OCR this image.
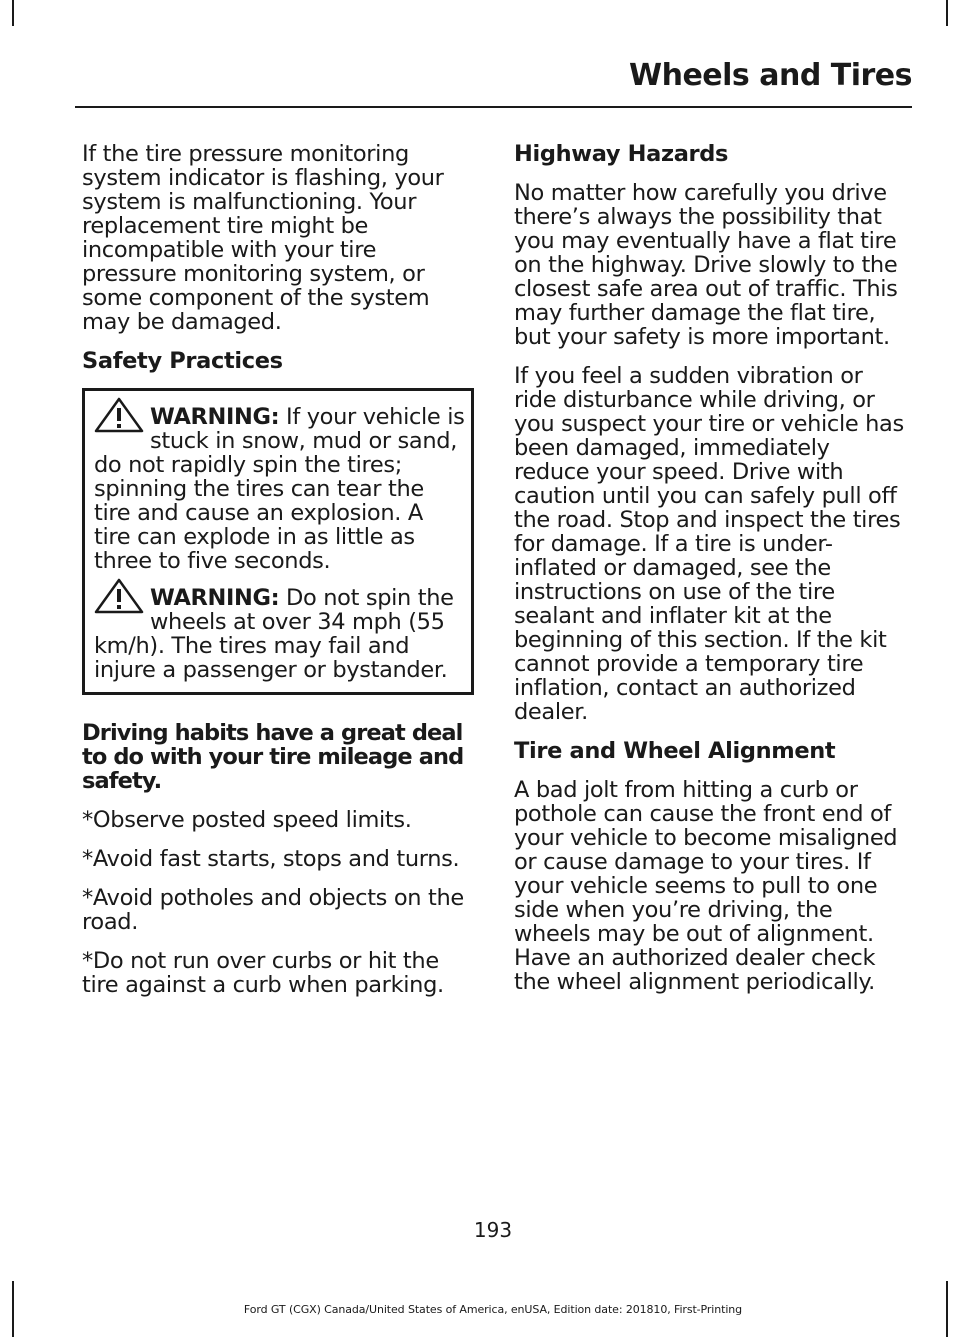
Wheels and Tires

If the tire pressure monitoring system indicator is flashing, your system is malfunctioning. Your replacement tire might be incompatible with your tire pressure monitoring system, or some component of the system may be damaged.

Safety Practices

WARNING: If your vehicle is stuck in snow, mud or sand, do not rapidly spin the tires; spinning the tires can tear the tire and cause an explosion. A tire can explode in as little as three to five seconds.

WARNING: Do not spin the wheels at over 34 mph (55 km/h). The tires may fail and injure a passenger or bystander.

Driving habits have a great deal to do with your tire mileage and safety.

*Observe posted speed limits.

*Avoid fast starts, stops and turns.

*Avoid potholes and objects on the road.

*Do not run over curbs or hit the tire against a curb when parking.

Highway Hazards

No matter how carefully you drive there’s always the possibility that you may eventually have a flat tire on the highway. Drive slowly to the closest safe area out of traffic. This may further damage the flat tire, but your safety is more important.

If you feel a sudden vibration or ride disturbance while driving, or you suspect your tire or vehicle has been damaged, immediately reduce your speed. Drive with caution until you can safely pull off the road. Stop and inspect the tires for damage. If a tire is under-inflated or damaged, see the instructions on use of the tire sealant and inflater kit at the beginning of this section. If the kit cannot provide a temporary tire inflation, contact an authorized dealer.

Tire and Wheel Alignment

A bad jolt from hitting a curb or pothole can cause the front end of your vehicle to become misaligned or cause damage to your tires. If your vehicle seems to pull to one side when you’re driving, the wheels may be out of alignment. Have an authorized dealer check the wheel alignment periodically.

193
Ford GT (CGX) Canada/United States of America, enUSA, Edition date: 201810, First-Printing
